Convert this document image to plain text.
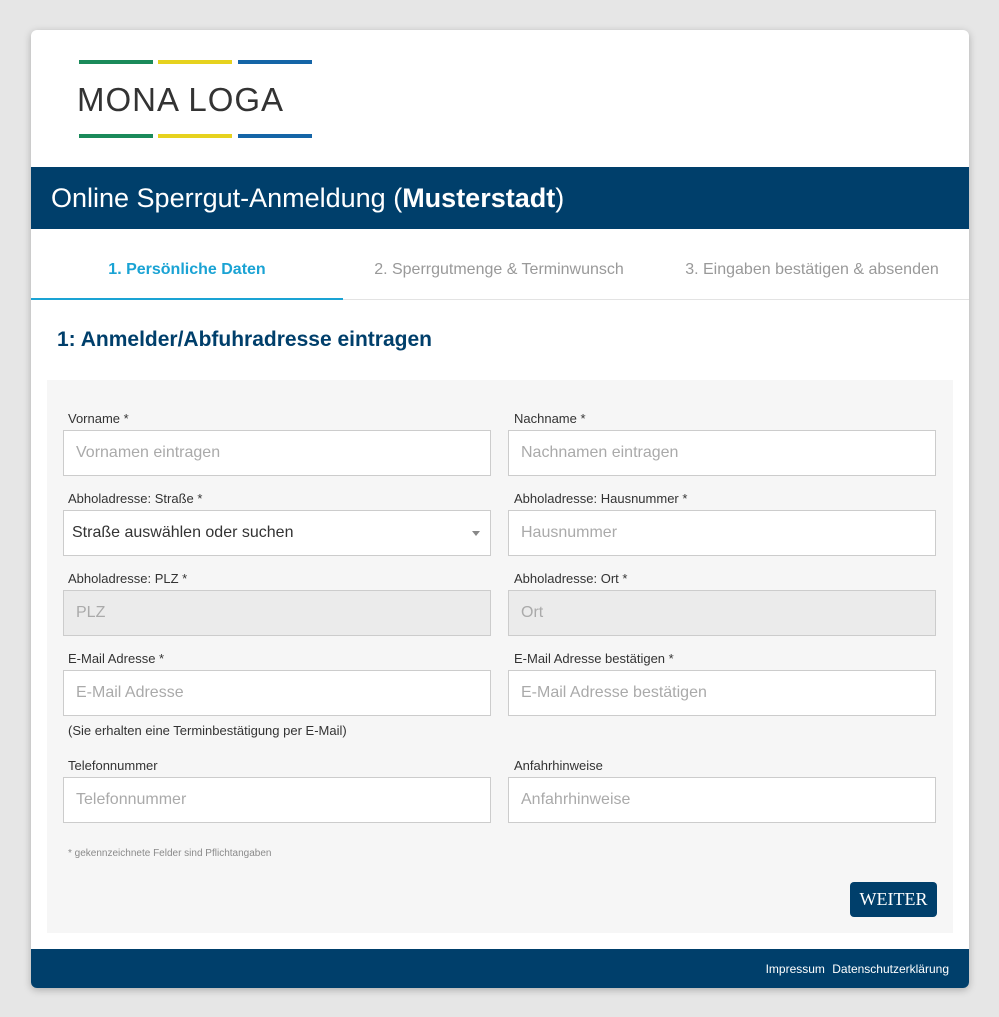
MONA LOGA
Online Sperrgut-Anmeldung (Musterstadt)
1. Persönliche Daten	2. Sperrgutmenge & Terminwunsch	3. Eingaben bestätigen & absenden
1: Anmelder/Abfuhradresse eintragen
Vorname *
Vornamen eintragen
Nachname *
Nachnamen eintragen
Abholadresse: Straße *
Straße auswählen oder suchen
Abholadresse: Hausnummer *
Hausnummer
Abholadresse: PLZ *
PLZ
Abholadresse: Ort *
Ort
E-Mail Adresse *
E-Mail Adresse
(Sie erhalten eine Terminbestätigung per E-Mail)
E-Mail Adresse bestätigen *
E-Mail Adresse bestätigen
Telefonnummer
Telefonnummer
Anfahrhinweise
Anfahrhinweise
* gekennzeichnete Felder sind Pflichtangaben
WEITER
Impressum Datenschutzerklärung
